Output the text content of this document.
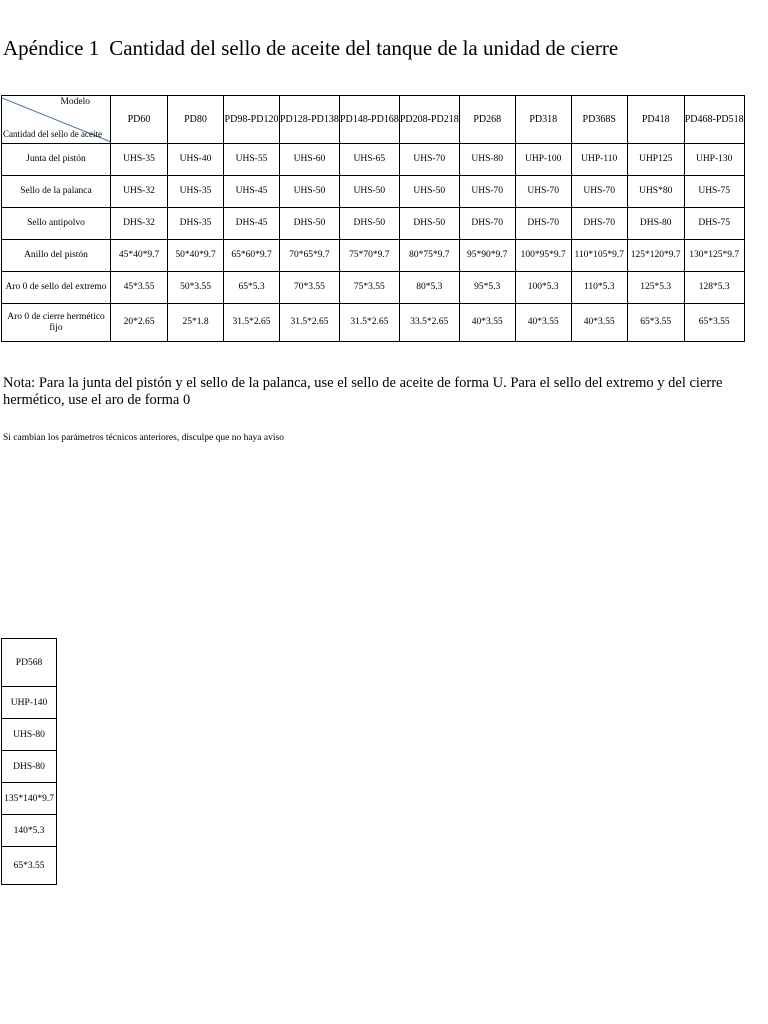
Apéndice 1 Cantidad del sello de aceite del tanque de la unidad de cierre
Modelo
Cantidad del sello de aceite	PD60	PD80	PD98-PD120	PD128-PD138	PD148-PD168	PD208-PD218	PD268	PD318	PD368S	PD418	PD468-PD518
Junta del pistón	UHS-35	UHS-40	UHS-55	UHS-60	UHS-65	UHS-70	UHS-80	UHP-100	UHP-110	UHP125	UHP-130
Sello de la palanca	UHS-32	UHS-35	UHS-45	UHS-50	UHS-50	UHS-50	UHS-70	UHS-70	UHS-70	UHS*80	UHS-75
Sello antipolvo	DHS-32	DHS-35	DHS-45	DHS-50	DHS-50	DHS-50	DHS-70	DHS-70	DHS-70	DHS-80	DHS-75
Anillo del pistón	45*40*9.7	50*40*9.7	65*60*9.7	70*65*9.7	75*70*9.7	80*75*9.7	95*90*9.7	100*95*9.7	110*105*9.7	125*120*9.7	130*125*9.7
Aro 0 de sello del extremo	45*3.55	50*3.55	65*5.3	70*3.55	75*3.55	80*5.3	95*5.3	100*5.3	110*5.3	125*5.3	128*5.3
Aro 0 de cierre hermético fijo	20*2.65	25*1.8	31.5*2.65	31.5*2.65	31.5*2.65	33.5*2.65	40*3.55	40*3.55	40*3.55	65*3.55	65*3.55

Nota: Para la junta del pistón y el sello de la palanca, use el sello de aceite de forma U. Para el sello del extremo y del cierre hermético, use el aro de forma 0

Si cambian los parámetros técnicos anteriores, disculpe que no haya aviso

PD568
UHP-140
UHS-80
DHS-80
135*140*9.7
140*5.3
65*3.55
